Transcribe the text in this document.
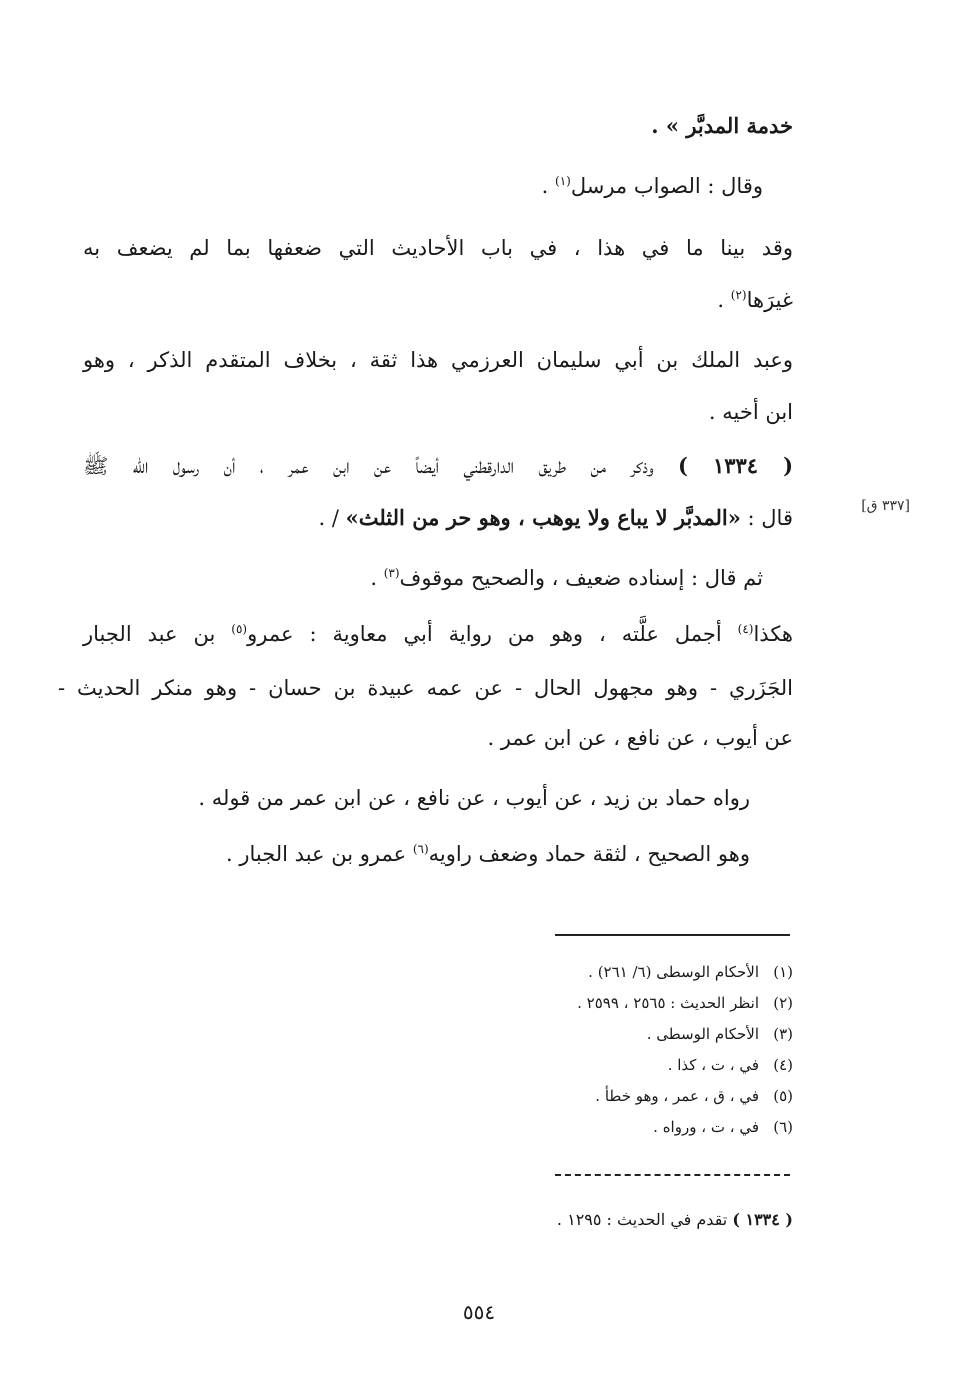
خدمة المدبَّر » .
وقال : الصواب مرسل$^{(١)}$ .
وقد بينا ما في هذا ، في باب الأحاديث التي ضعفها بما لم يضعف به
غيرَها$^{(٢)}$ .
وعبد الملك بن أبي سليمان العرزمي هذا ثقة ، بخلاف المتقدم الذكر ، وهو
ابن أخيه .
( ١٣٣٤ ) وذكر من طريق الدارقطني أيضاً عن ابن عمر ، أن رسول الله ﷺ
قال : «المدبَّر لا يباع ولا يوهب ، وهو حر من الثلث» / .	[٣٣٧ ق]
ثم قال : إسناده ضعيف ، والصحيح موقوف$^{(٣)}$ .
هكذا$^{(٤)}$ أجمل علَّته ، وهو من رواية أبي معاوية : عمرو$^{(٥)}$ بن عبد الجبار
الجَزَري - وهو مجهول الحال - عن عمه عبيدة بن حسان - وهو منكر الحديث -
عن أيوب ، عن نافع ، عن ابن عمر .
رواه حماد بن زيد ، عن أيوب ، عن نافع ، عن ابن عمر من قوله .
وهو الصحيح ، لثقة حماد وضعف راويه$^{(٦)}$ عمرو بن عبد الجبار .
(١)الأحكام الوسطى (٦/ ٢٦١) .
(٢)انظر الحديث : ٢٥٦٥ ، ٢٥٩٩ .
(٣)الأحكام الوسطى .
(٤)في ، ت ، كذا .
(٥)في ، ق ، عمر ، وهو خطأ .
(٦)في ، ت ، ورواه .
( ١٣٣٤ ) تقدم في الحديث : ١٢٩٥ .
٥٥٤
